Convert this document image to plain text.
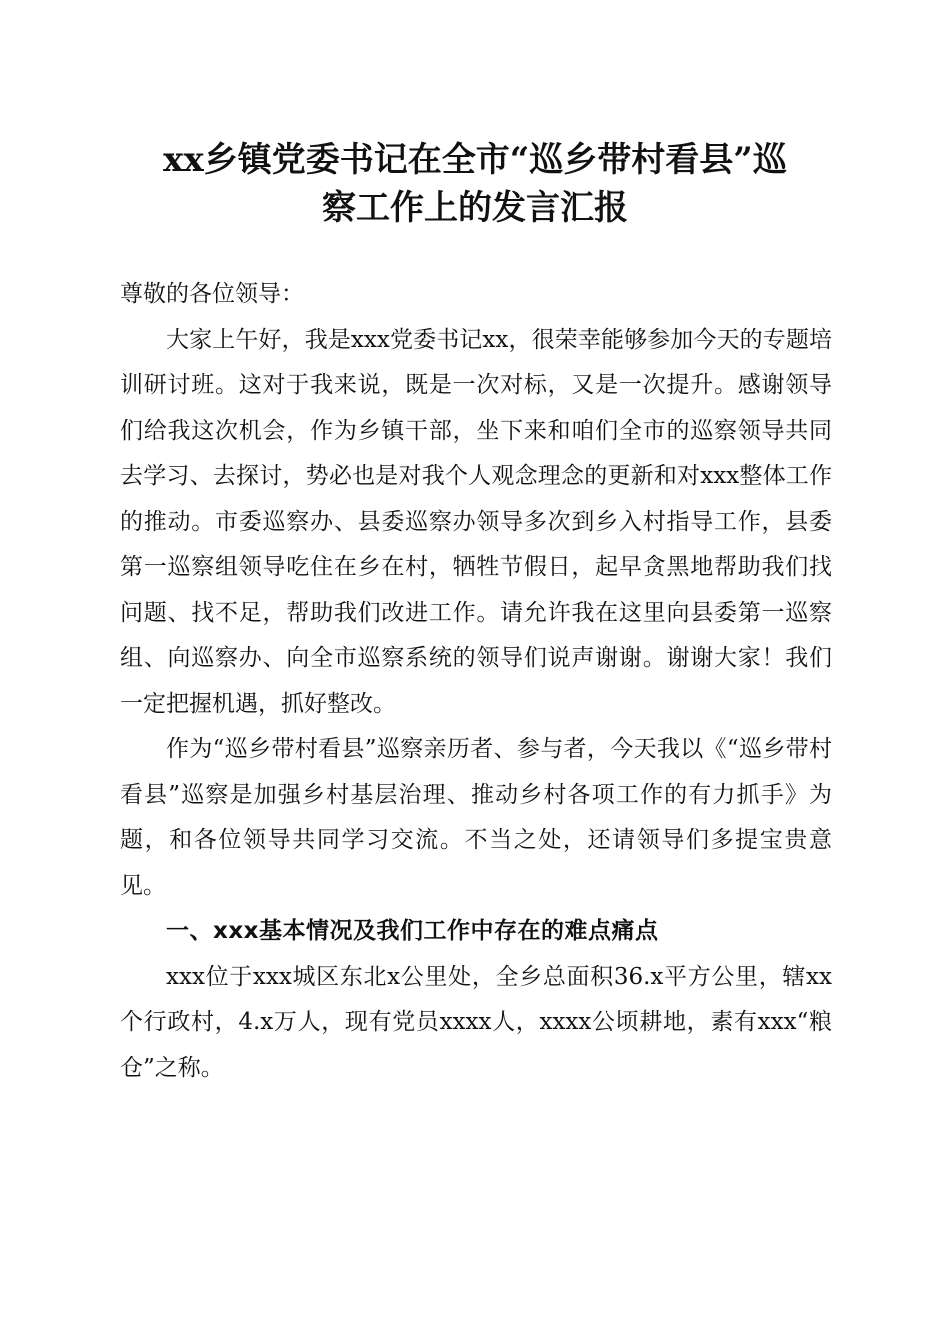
xx乡镇党委书记在全市“巡乡带村看县”巡
察工作上的发言汇报

尊敬的各位领导：

大家上午好，我是xxx党委书记xx，很荣幸能够参加今天的专题培训研讨班。这对于我来说，既是一次对标，又是一次提升。感谢领导们给我这次机会，作为乡镇干部，坐下来和咱们全市的巡察领导共同去学习、去探讨，势必也是对我个人观念理念的更新和对xxx整体工作的推动。市委巡察办、县委巡察办领导多次到乡入村指导工作，县委第一巡察组领导吃住在乡在村，牺牲节假日，起早贪黑地帮助我们找问题、找不足，帮助我们改进工作。请允许我在这里向县委第一巡察组、向巡察办、向全市巡察系统的领导们说声谢谢。谢谢大家！我们一定把握机遇，抓好整改。

作为“巡乡带村看县”巡察亲历者、参与者，今天我以《“巡乡带村看县”巡察是加强乡村基层治理、推动乡村各项工作的有力抓手》为题，和各位领导共同学习交流。不当之处，还请领导们多提宝贵意见。

一、xxx基本情况及我们工作中存在的难点痛点

xxx位于xxx城区东北x公里处，全乡总面积36.x平方公里，辖xx个行政村，4.x万人，现有党员xxxx人，xxxx公顷耕地，素有xxx“粮仓”之称。
